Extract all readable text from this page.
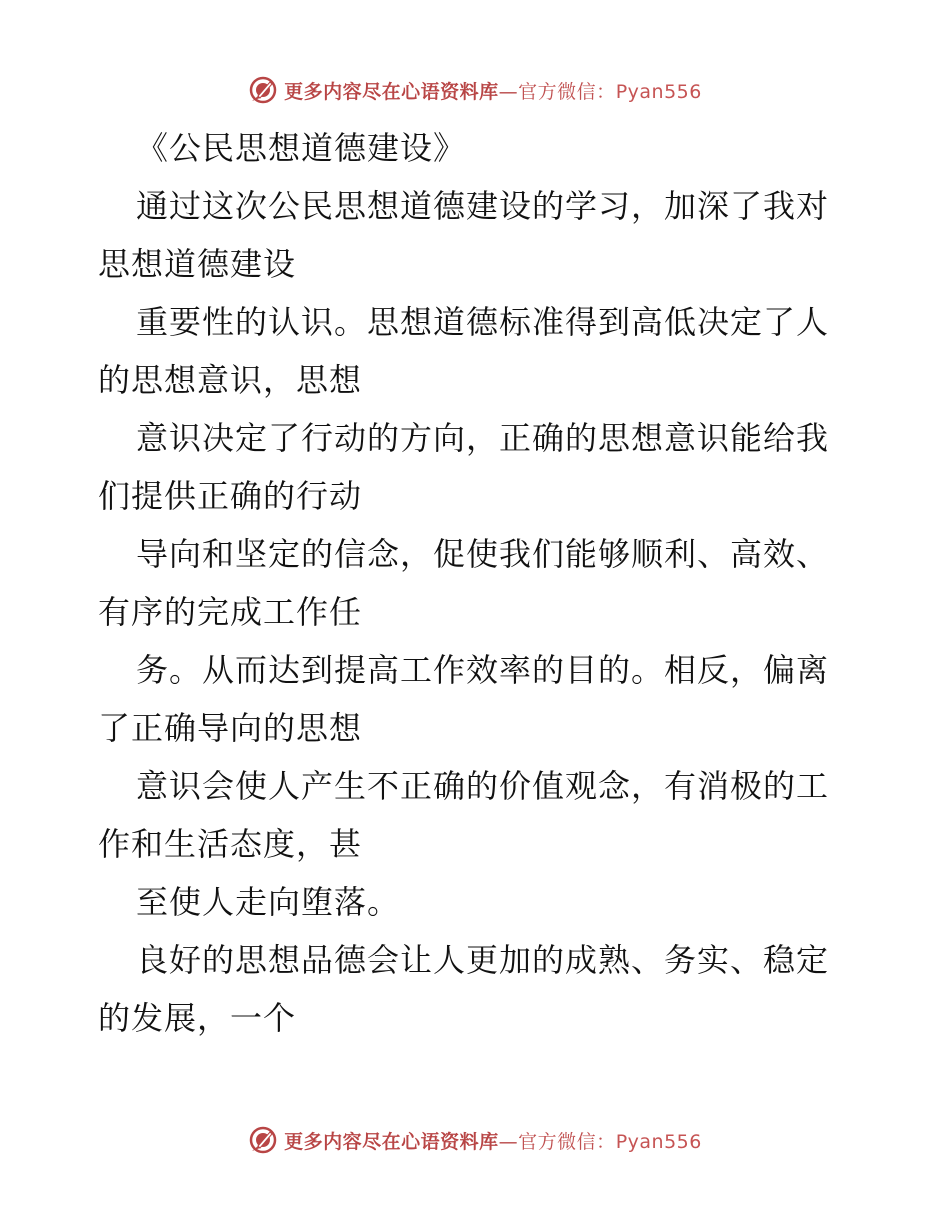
更多内容尽在心语资料库—官方微信：Pyan556
《公民思想道德建设》
通过这次公民思想道德建设的学习，加深了我对
思想道德建设
重要性的认识。思想道德标准得到高低决定了人
的思想意识，思想
意识决定了行动的方向，正确的思想意识能给我
们提供正确的行动
导向和坚定的信念，促使我们能够顺利、高效、
有序的完成工作任
务。从而达到提高工作效率的目的。相反，偏离
了正确导向的思想
意识会使人产生不正确的价值观念，有消极的工
作和生活态度，甚
至使人走向堕落。
良好的思想品德会让人更加的成熟、务实、稳定
的发展，一个
更多内容尽在心语资料库—官方微信：Pyan556
